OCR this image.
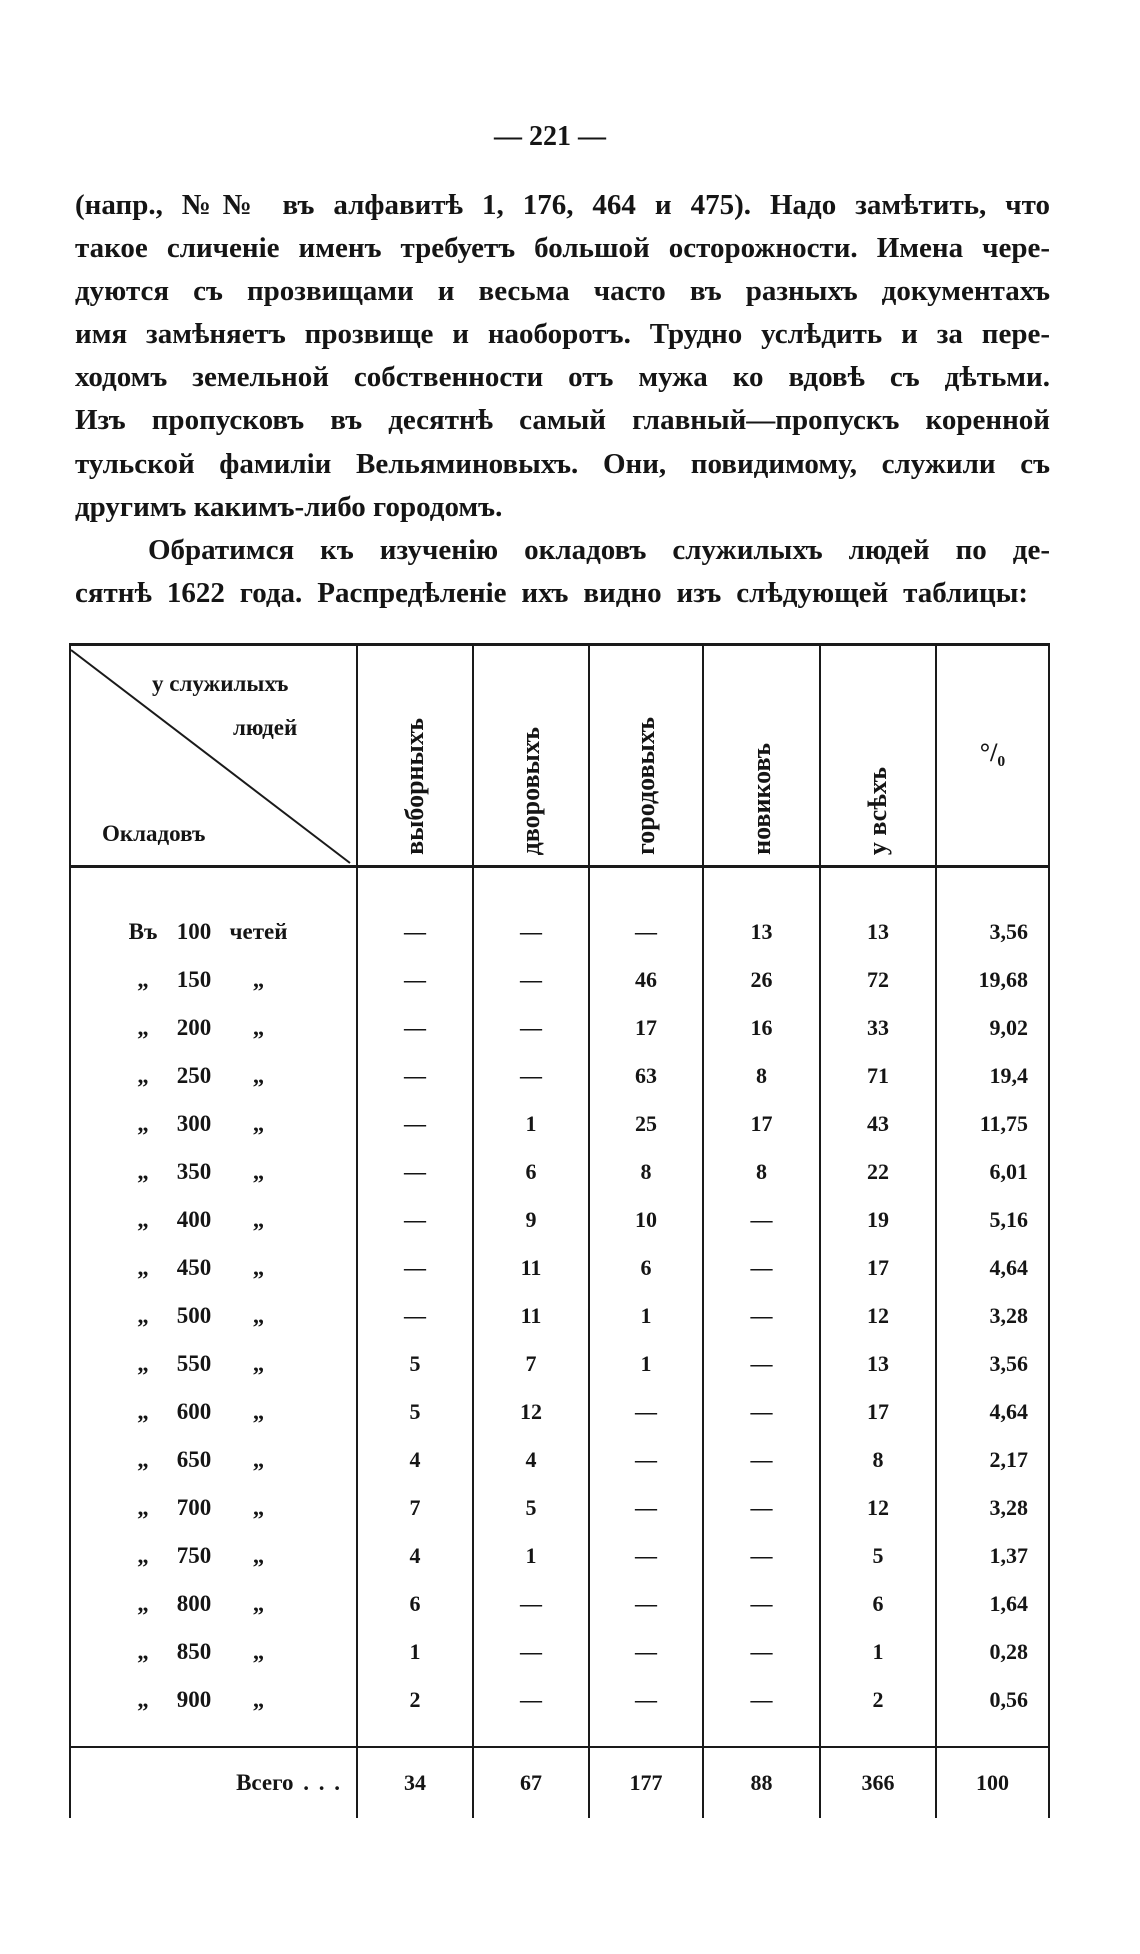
— 221 —
(напр., №№ въ алфавитѣ 1, 176, 464 и 475). Надо замѣтить, что
такое сличеніе именъ требуетъ большой осторожности. Имена чере-
дуются съ прозвищами и весьма часто въ разныхъ документахъ
имя замѣняетъ прозвище и наоборотъ. Трудно услѣдить и за пере-
ходомъ земельной собственности отъ мужа ко вдовѣ съ дѣтьми.
Изъ пропусковъ въ десятнѣ самый главный—пропускъ коренной
тульской фамиліи Вельяминовыхъ. Они, повидимому, служили съ
другимъ какимъ-либо городомъ.
Обратимся къ изученію окладовъ служилыхъ людей по де-
сятнѣ 1622 года. Распредѣленіе ихъ видно изъ слѣдующей таблицы:
у служилыхъ
людей
Окладовъ	выборныхъ	дворовыхъ	городовыхъ	новиковъ	у всѣхъ	°/₀

Въ 100 четей	—	—	—	13	13	3,56

„ 150 „	—	—	46	26	72	19,68

„ 200 „	—	—	17	16	33	9,02

„ 250 „	—	—	63	8	71	19,4

„ 300 „	—	1	25	17	43	11,75

„ 350 „	—	6	8	8	22	6,01

„ 400 „	—	9	10	—	19	5,16

„ 450 „	—	11	6	—	17	4,64

„ 500 „	—	11	1	—	12	3,28

„ 550 „	5	7	1	—	13	3,56

„ 600 „	5	12	—	—	17	4,64

„ 650 „	4	4	—	—	8	2,17

„ 700 „	7	5	—	—	12	3,28

„ 750 „	4	1	—	—	5	1,37

„ 800 „	6	—	—	—	6	1,64

„ 850 „	1	—	—	—	1	0,28

„ 900 „	2	—	—	—	2	0,56

Всего . . .	34	67	177	88	366	100
